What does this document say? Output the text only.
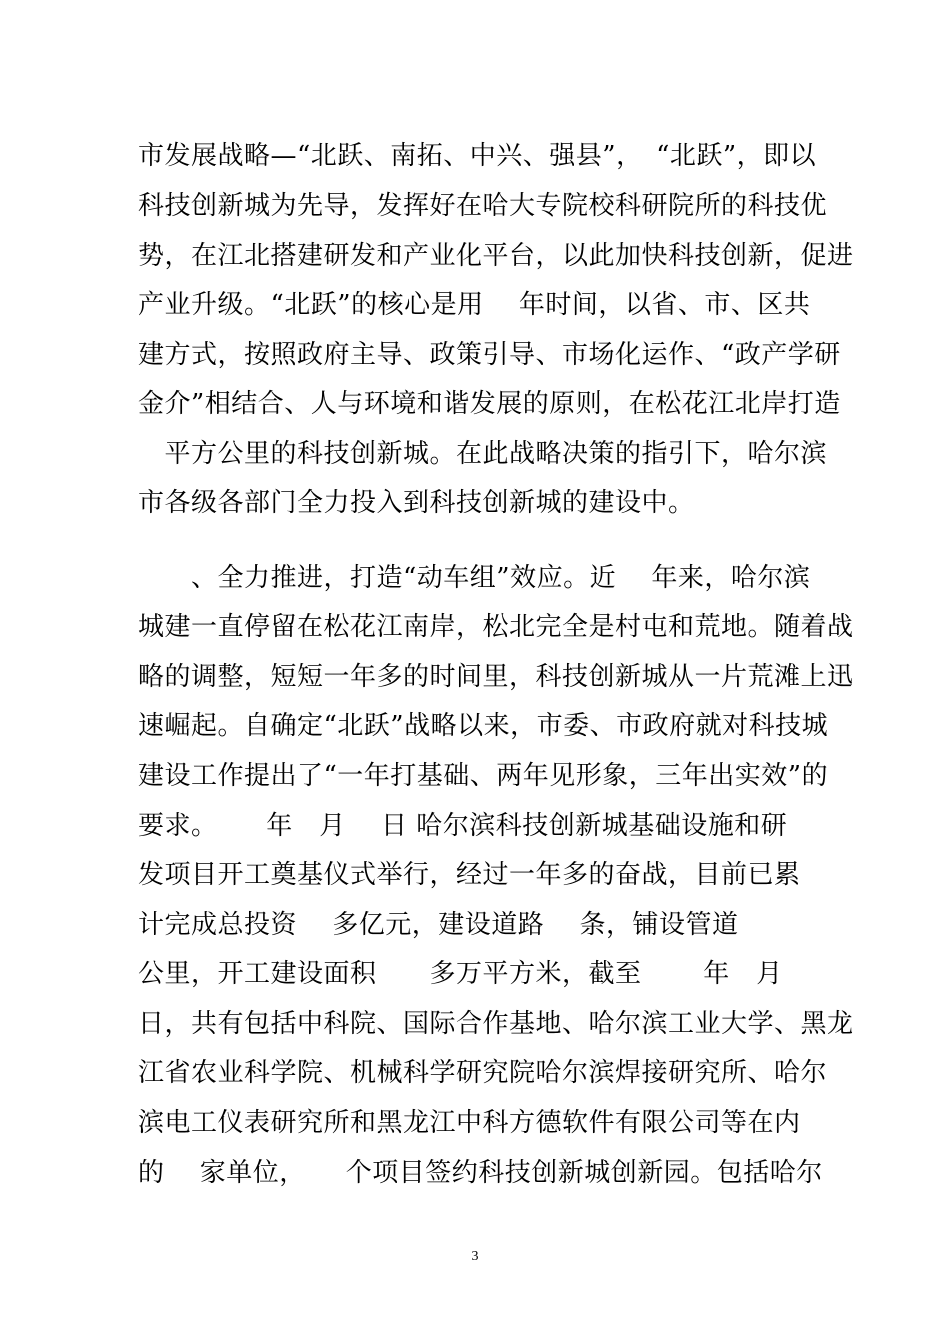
市发展战略—“北跃、南拓、中兴、强县”，　“北跃”，即以
科技创新城为先导，发挥好在哈大专院校科研院所的科技优
势，在江北搭建研发和产业化平台，以此加快科技创新，促进
产业升级。“北跃”的核心是用　 年时间，以省、市、区共
建方式，按照政府主导、政策引导、市场化运作、“政产学研
金介”相结合、人与环境和谐发展的原则，在松花江北岸打造
　平方公里的科技创新城。在此战略决策的指引下，哈尔滨
市各级各部门全力投入到科技创新城的建设中。
　　、全力推进，打造“动车组”效应。近　 年来，哈尔滨
城建一直停留在松花江南岸，松北完全是村屯和荒地。随着战
略的调整，短短一年多的时间里，科技创新城从一片荒滩上迅
速崛起。自确定“北跃”战略以来，市委、市政府就对科技城
建设工作提出了“一年打基础、两年见形象，三年出实效”的
要求。　　 年　月　 日 哈尔滨科技创新城基础设施和研
发项目开工奠基仪式举行，经过一年多的奋战，目前已累
计完成总投资　 多亿元，建设道路　 条，铺设管道
公里，开工建设面积　　多万平方米，截至　　 年　月
日，共有包括中科院、国际合作基地、哈尔滨工业大学、黑龙
江省农业科学院、机械科学研究院哈尔滨焊接研究所、哈尔
滨电工仪表研究所和黑龙江中科方德软件有限公司等在内
的　 家单位，　　个项目签约科技创新城创新园。包括哈尔
3
